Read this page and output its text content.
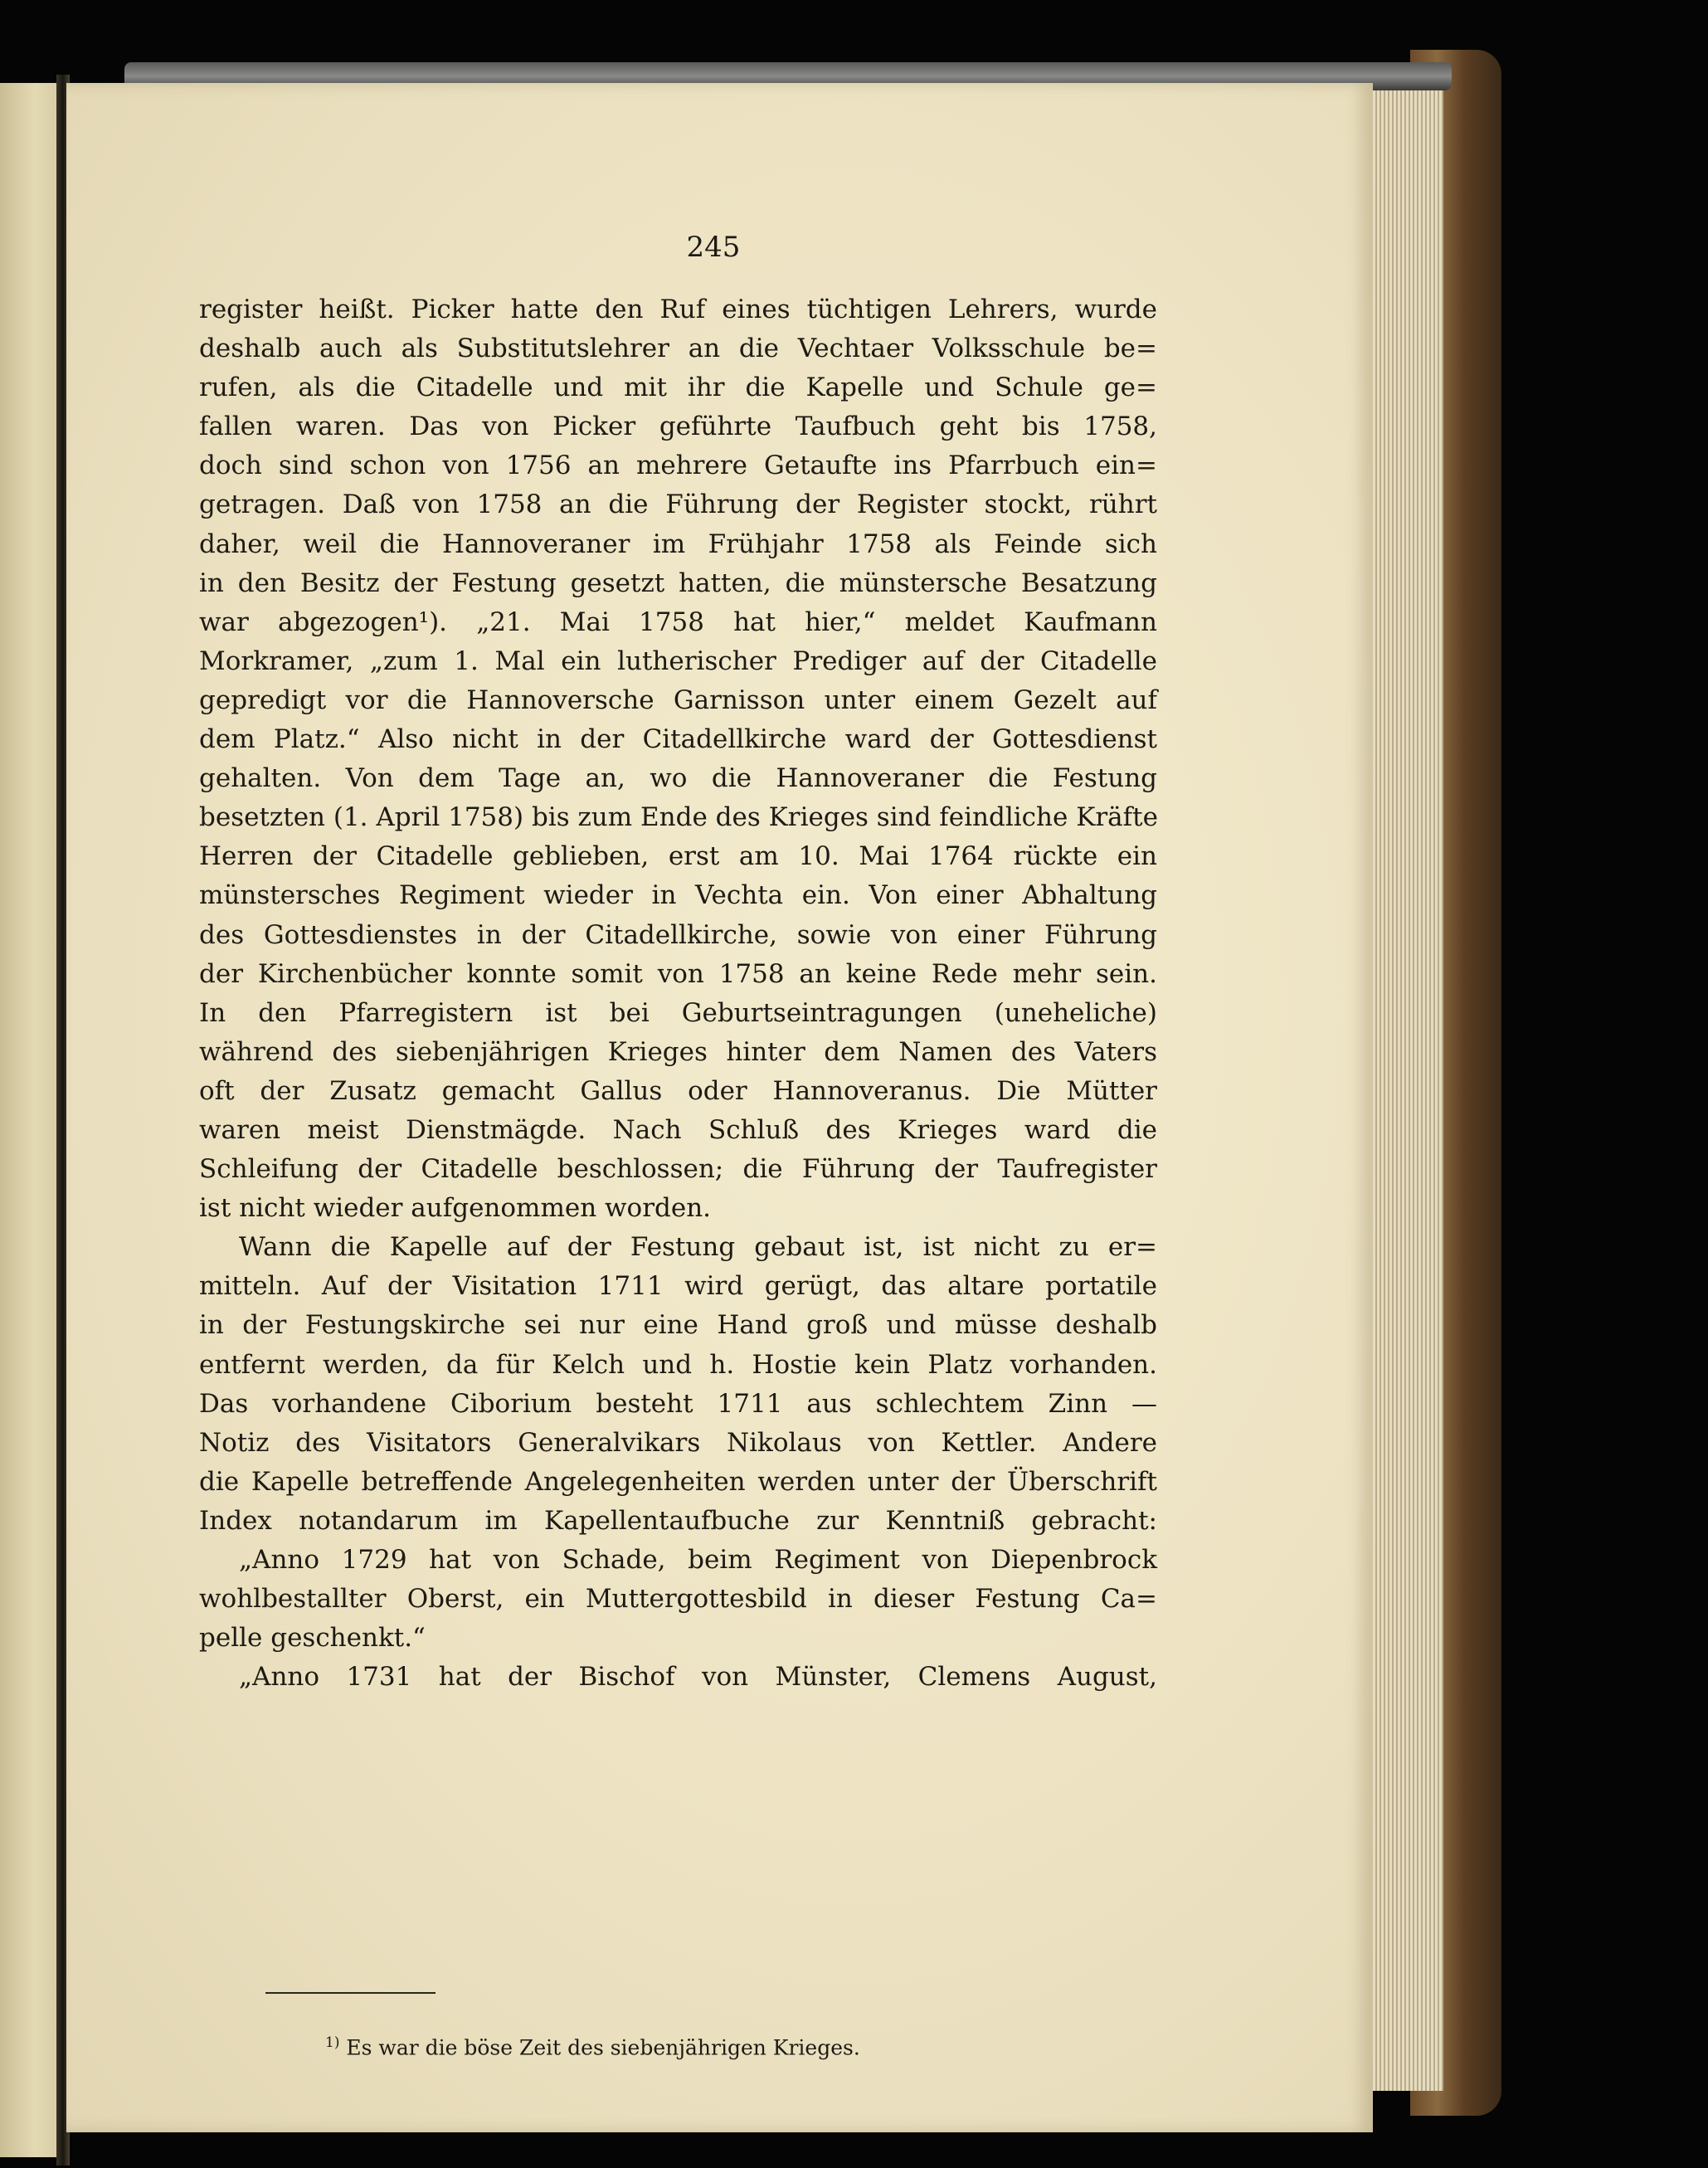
245

register heißt. Picker hatte den Ruf eines tüchtigen Lehrers, wurde
deshalb auch als Substitutslehrer an die Vechtaer Volksschule be=
rufen, als die Citadelle und mit ihr die Kapelle und Schule ge=
fallen waren. Das von Picker geführte Taufbuch geht bis 1758,
doch sind schon von 1756 an mehrere Getaufte ins Pfarrbuch ein=
getragen. Daß von 1758 an die Führung der Register stockt, rührt
daher, weil die Hannoveraner im Frühjahr 1758 als Feinde sich
in den Besitz der Festung gesetzt hatten, die münstersche Besatzung
war abgezogen¹). „21. Mai 1758 hat hier,“ meldet Kaufmann
Morkramer, „zum 1. Mal ein lutherischer Prediger auf der Citadelle
gepredigt vor die Hannoversche Garnisson unter einem Gezelt auf
dem Platz.“ Also nicht in der Citadellkirche ward der Gottesdienst
gehalten. Von dem Tage an, wo die Hannoveraner die Festung
besetzten (1. April 1758) bis zum Ende des Krieges sind feindliche Kräfte
Herren der Citadelle geblieben, erst am 10. Mai 1764 rückte ein
münstersches Regiment wieder in Vechta ein. Von einer Abhaltung
des Gottesdienstes in der Citadellkirche, sowie von einer Führung
der Kirchenbücher konnte somit von 1758 an keine Rede mehr sein.
In den Pfarregistern ist bei Geburtseintragungen (uneheliche)
während des siebenjährigen Krieges hinter dem Namen des Vaters
oft der Zusatz gemacht Gallus oder Hannoveranus. Die Mütter
waren meist Dienstmägde. Nach Schluß des Krieges ward die
Schleifung der Citadelle beschlossen; die Führung der Taufregister
ist nicht wieder aufgenommen worden.
Wann die Kapelle auf der Festung gebaut ist, ist nicht zu er=
mitteln. Auf der Visitation 1711 wird gerügt, das altare portatile
in der Festungskirche sei nur eine Hand groß und müsse deshalb
entfernt werden, da für Kelch und h. Hostie kein Platz vorhanden.
Das vorhandene Ciborium besteht 1711 aus schlechtem Zinn —
Notiz des Visitators Generalvikars Nikolaus von Kettler. Andere
die Kapelle betreffende Angelegenheiten werden unter der Überschrift
Index notandarum im Kapellentaufbuche zur Kenntniß gebracht:
„Anno 1729 hat von Schade, beim Regiment von Diepenbrock
wohlbestallter Oberst, ein Muttergottesbild in dieser Festung Ca=
pelle geschenkt.“
„Anno 1731 hat der Bischof von Münster, Clemens August,

$^{1)}$ Es war die böse Zeit des siebenjährigen Krieges.
